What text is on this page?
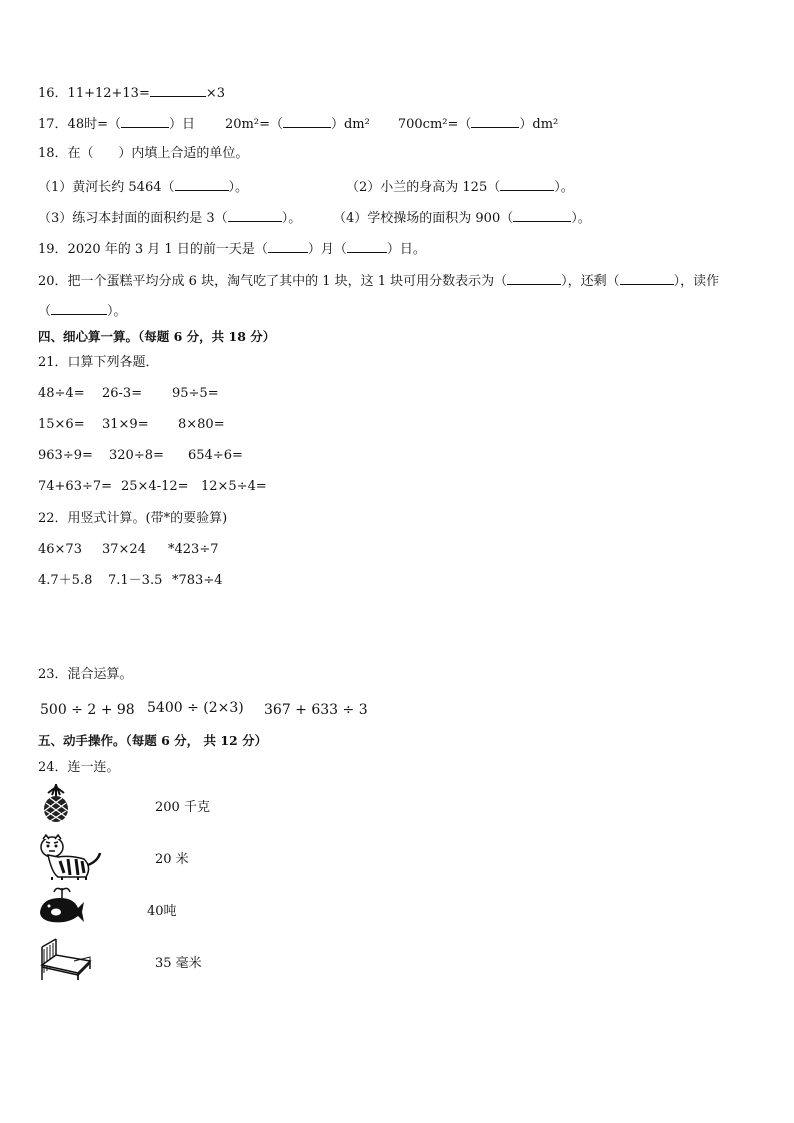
16．11+12+13=	×3
17．48时=（	）日 20m²=（	）dm² 700cm²=（	）dm²
18．在（      ）内填上合适的单位。
（1）黄河长约 5464（	）。	（2）小兰的身高为 125（	）。
（3）练习本封面的面积约是 3（	）。 （4）学校操场的面积为 900（	）。
19．2020 年的 3 月 1 日的前一天是（	）月（	）日。
20．把一个蛋糕平均分成 6 块，淘气吃了其中的 1 块，这 1 块可用分数表示为（	），还剩（	），读作
（	）。
四、细心算一算。（每题 6 分，共 18 分）
21．口算下列各题．
48÷4= 26-3= 95÷5=
15×6= 31×9= 8×80=
963÷9= 320÷8= 654÷6=
74+63÷7= 25×4-12= 12×5÷4=
22．用竖式计算。(带*的要验算)
46×73 37×24 *423÷7
4.7＋5.8 7.1－3.5 *783÷4
23．混合运算。
500 ÷ 2 + 98 5400 ÷ (2×3) 367 + 633 ÷ 3
五、动手操作。（每题 6 分， 共 12 分）
24．连一连。
200 千克
20 米
40吨
35 毫米
